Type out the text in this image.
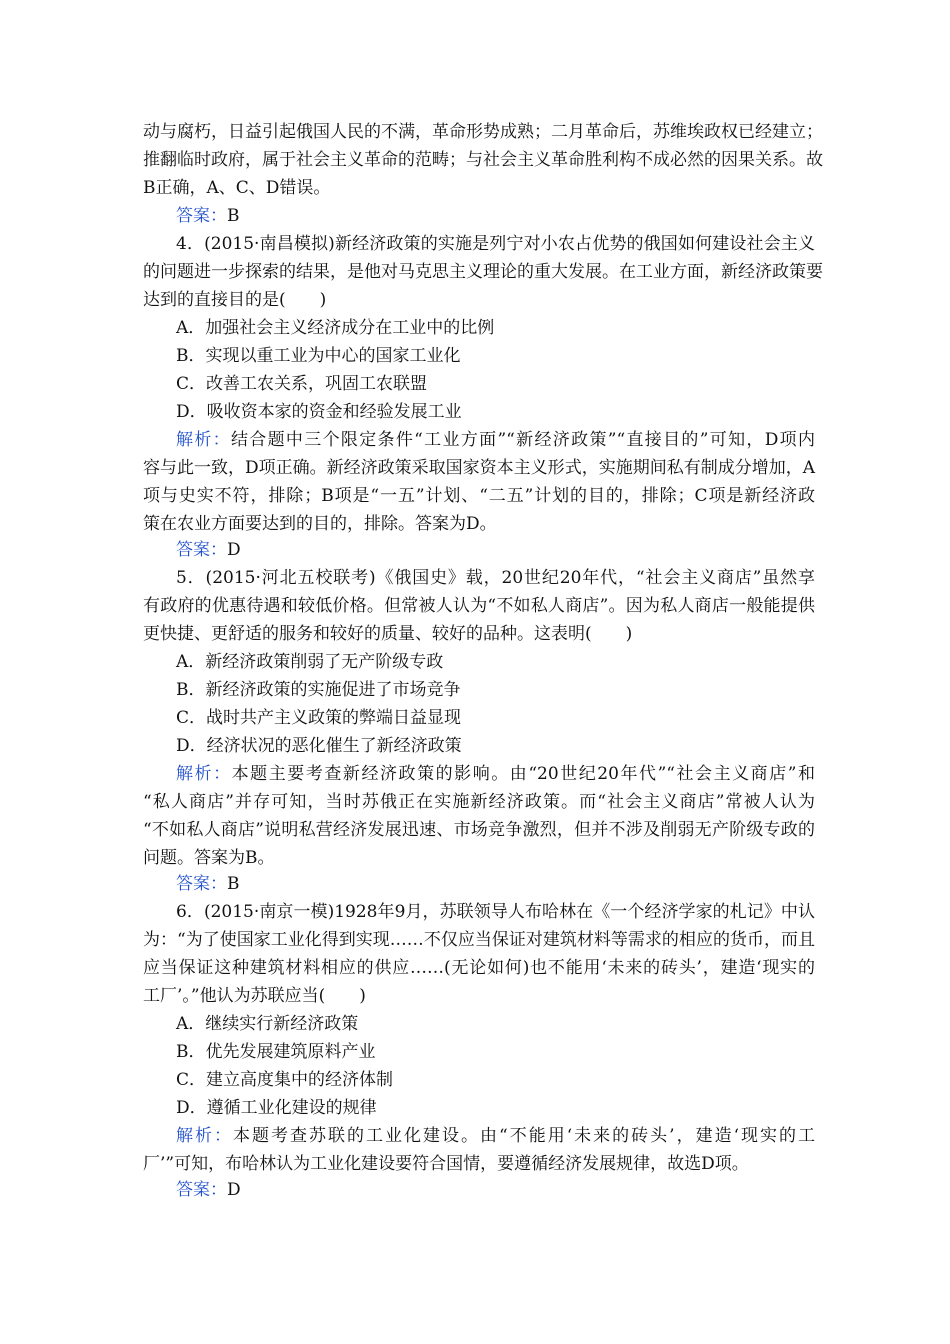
动与腐朽，日益引起俄国人民的不满，革命形势成熟；二月革命后，苏维埃政权已经建立；
推翻临时政府，属于社会主义革命的范畴；与社会主义革命胜利构不成必然的因果关系。故
B正确，A、C、D错误。
答案：B
4．(2015·南昌模拟)新经济政策的实施是列宁对小农占优势的俄国如何建设社会主义
的问题进一步探索的结果，是他对马克思主义理论的重大发展。在工业方面，新经济政策要
达到的直接目的是(　　)
A．加强社会主义经济成分在工业中的比例
B．实现以重工业为中心的国家工业化
C．改善工农关系，巩固工农联盟
D．吸收资本家的资金和经验发展工业
解析：结合题中三个限定条件“工业方面”“新经济政策”“直接目的”可知，D项内
容与此一致，D项正确。新经济政策采取国家资本主义形式，实施期间私有制成分增加，A
项与史实不符，排除；B项是“一五”计划、“二五”计划的目的，排除；C项是新经济政
策在农业方面要达到的目的，排除。答案为D。
答案：D
5．(2015·河北五校联考)《俄国史》载，20世纪20年代，“社会主义商店”虽然享
有政府的优惠待遇和较低价格。但常被人认为“不如私人商店”。因为私人商店一般能提供
更快捷、更舒适的服务和较好的质量、较好的品种。这表明(　　)
A．新经济政策削弱了无产阶级专政
B．新经济政策的实施促进了市场竞争
C．战时共产主义政策的弊端日益显现
D．经济状况的恶化催生了新经济政策
解析：本题主要考查新经济政策的影响。由“20世纪20年代”“社会主义商店”和
“私人商店”并存可知，当时苏俄正在实施新经济政策。而“社会主义商店”常被人认为
“不如私人商店”说明私营经济发展迅速、市场竞争激烈，但并不涉及削弱无产阶级专政的
问题。答案为B。
答案：B
6．(2015·南京一模)1928年9月，苏联领导人布哈林在《一个经济学家的札记》中认
为：“为了使国家工业化得到实现……不仅应当保证对建筑材料等需求的相应的货币，而且
应当保证这种建筑材料相应的供应……(无论如何)也不能用‘未来的砖头’，建造‘现实的
工厂’。”他认为苏联应当(　　)
A．继续实行新经济政策
B．优先发展建筑原料产业
C．建立高度集中的经济体制
D．遵循工业化建设的规律
解析：本题考查苏联的工业化建设。由“不能用‘未来的砖头’，建造‘现实的工
厂’”可知，布哈林认为工业化建设要符合国情，要遵循经济发展规律，故选D项。
答案：D
